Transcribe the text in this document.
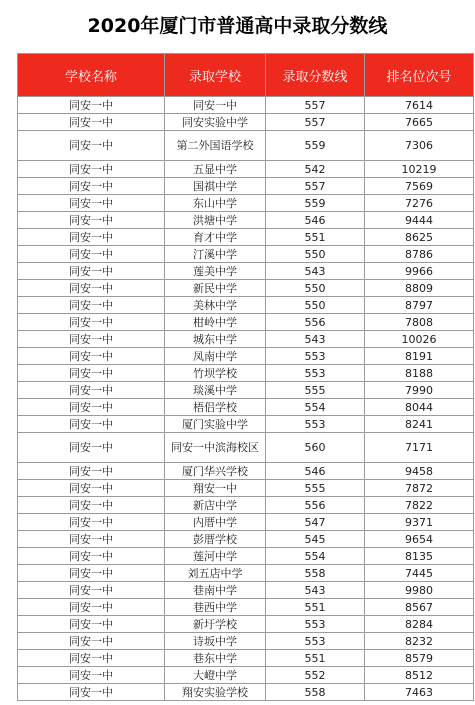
2020年厦门市普通高中录取分数线
学校名称	录取学校	录取分数线	排名位次号
同安一中	同安一中	557	7614
同安一中	同安实验中学	557	7665
同安一中	第二外国语学校	559	7306
同安一中	五显中学	542	10219
同安一中	国祺中学	557	7569
同安一中	东山中学	559	7276
同安一中	洪塘中学	546	9444
同安一中	育才中学	551	8625
同安一中	汀溪中学	550	8786
同安一中	莲美中学	543	9966
同安一中	新民中学	550	8809
同安一中	美林中学	550	8797
同安一中	柑岭中学	556	7808
同安一中	城东中学	543	10026
同安一中	凤南中学	553	8191
同安一中	竹坝学校	553	8188
同安一中	琰溪中学	555	7990
同安一中	梧侣学校	554	8044
同安一中	厦门实验中学	553	8241
同安一中	同安一中滨海校区	560	7171
同安一中	厦门华兴学校	546	9458
同安一中	翔安一中	555	7872
同安一中	新店中学	556	7822
同安一中	内厝中学	547	9371
同安一中	彭厝学校	545	9654
同安一中	莲河中学	554	8135
同安一中	刘五店中学	558	7445
同安一中	巷南中学	543	9980
同安一中	巷西中学	551	8567
同安一中	新圩学校	553	8284
同安一中	诗坂中学	553	8232
同安一中	巷东中学	551	8579
同安一中	大嶝中学	552	8512
同安一中	翔安实验学校	558	7463
